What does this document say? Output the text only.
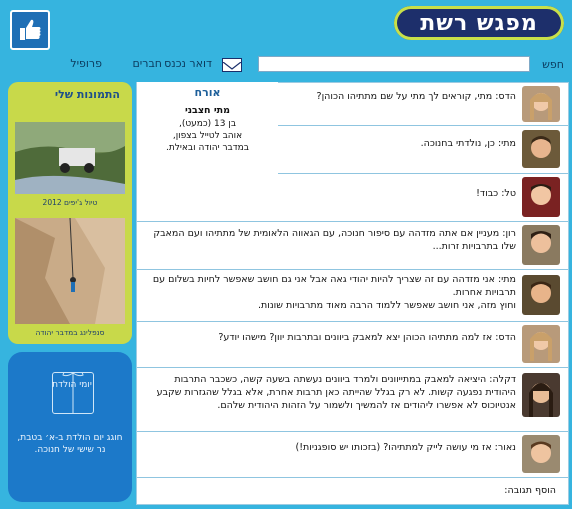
מפגש רשת
חפש
דואר נכנס
חברים
פרופיל
הדס: מתי, קוראים לך מתי על שם מתתיהו הכוהן?
מתי: כן, נולדתי בחנוכה.
טל: כבוד!
רון: מעניין אם אתה מזדהה עם סיפור חנוכה, עם הגאווה הלאומית של מתתיהו ועם המאבק שלו בתרבויות זרות...
מתי: אני מזדהה עם זה שצריך להיות יהודי גאה אבל אני גם חושב שאפשר לחיות בשלום עם תרבויות אחרות.
וחוץ מזה, אני חושב שאפשר ללמוד הרבה מאוד מתרבויות שונות.
הדס: אז למה מתתיהו הכוהן יצא למאבק ביוונים ובתרבות יוון? מישהו יודע?
דקלה: היציאה למאבק במתייוונים ולמרד ביוונים נעשתה בשעה קשה, כשכבר התרבות היהודית נפגעה קשות. לא רק בגלל שהייתה כאן תרבות אחרת, אלא בגלל שהגזרות שקבע אנטיוכוס לא אפשרו ליהודים אז להמשיך ולשמור על הזהות היהודית שלהם.
נאור: אז מי עושה לייק למתתיהו? (בזכותו יש סופגניות!)
הוסף תגובה:
אורח
מתי חצבני
בן 13 (כמעט),
אוהב לטייל בצפון,
במדבר יהודה ובאילת.
התמונות שלי
טיול ג'יפים 2012
סנפלינג במדבר יהודה
יומי הולדת
חוגג יום הולדת ב-א׳ בטבת, נר שישי של חנוכה.
